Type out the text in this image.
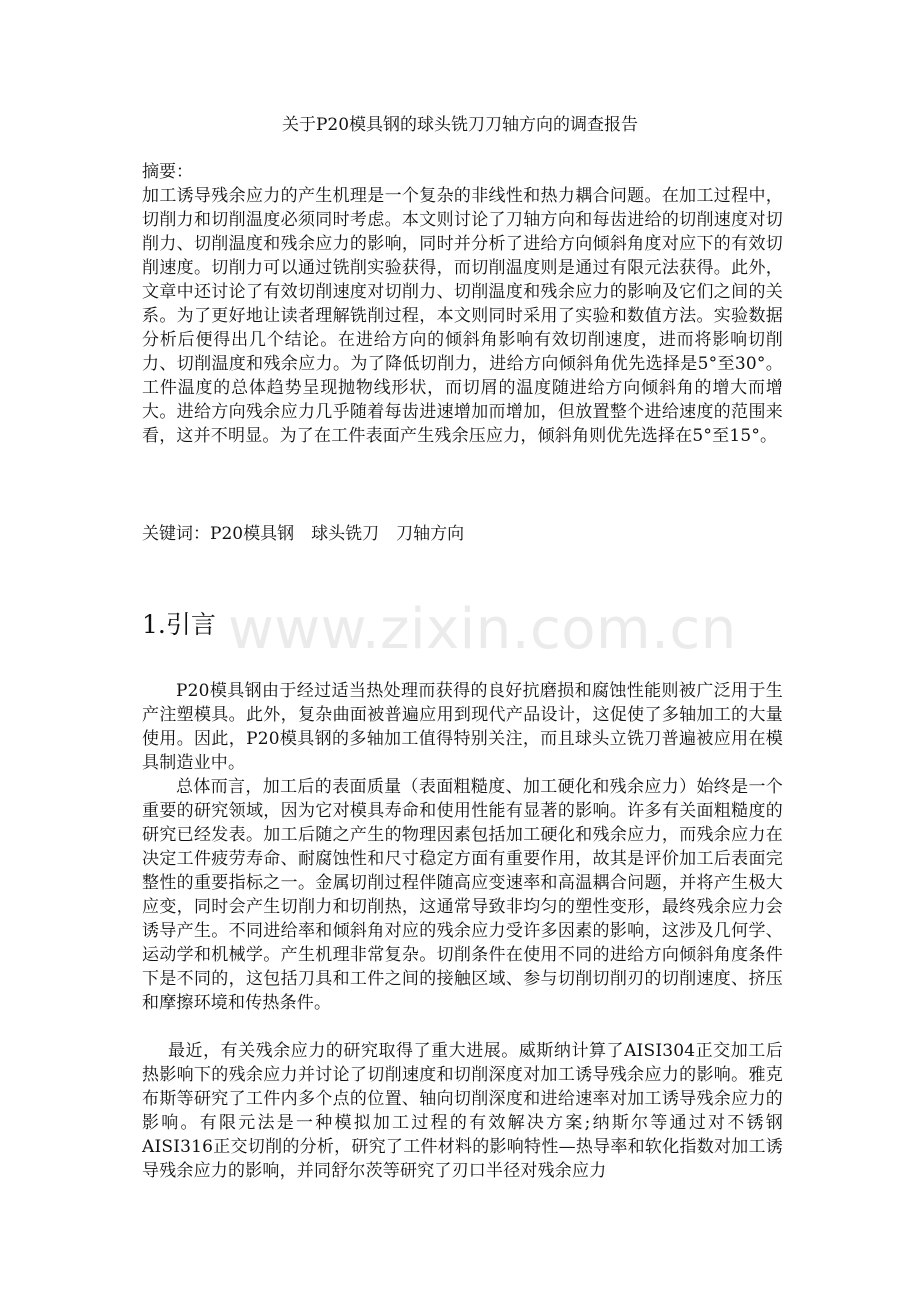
www.zixin.com.cn
关于P20模具钢的球头铣刀刀轴方向的调查报告
摘要：
加工诱导残余应力的产生机理是一个复杂的非线性和热力耦合问题。在加工过程中，切削力和切削温度必须同时考虑。本文则讨论了刀轴方向和每齿进给的切削速度对切削力、切削温度和残余应力的影响，同时并分析了进给方向倾斜角度对应下的有效切削速度。切削力可以通过铣削实验获得，而切削温度则是通过有限元法获得。此外，文章中还讨论了有效切削速度对切削力、切削温度和残余应力的影响及它们之间的关系。为了更好地让读者理解铣削过程，本文则同时采用了实验和数值方法。实验数据分析后便得出几个结论。在进给方向的倾斜角影响有效切削速度，进而将影响切削力、切削温度和残余应力。为了降低切削力，进给方向倾斜角优先选择是5°至30°。工件温度的总体趋势呈现抛物线形状，而切屑的温度随进给方向倾斜角的增大而增大。进给方向残余应力几乎随着每齿进速增加而增加，但放置整个进给速度的范围来看，这并不明显。为了在工件表面产生残余压应力，倾斜角则优先选择在5°至15°。
关键词：P20模具钢　球头铣刀　刀轴方向
1.引言
P20模具钢由于经过适当热处理而获得的良好抗磨损和腐蚀性能则被广泛用于生产注塑模具。此外，复杂曲面被普遍应用到现代产品设计，这促使了多轴加工的大量使用。因此，P20模具钢的多轴加工值得特别关注，而且球头立铣刀普遍被应用在模具制造业中。
总体而言，加工后的表面质量（表面粗糙度、加工硬化和残余应力）始终是一个重要的研究领域，因为它对模具寿命和使用性能有显著的影响。许多有关面粗糙度的研究已经发表。加工后随之产生的物理因素包括加工硬化和残余应力，而残余应力在决定工件疲劳寿命、耐腐蚀性和尺寸稳定方面有重要作用，故其是评价加工后表面完整性的重要指标之一。金属切削过程伴随高应变速率和高温耦合问题，并将产生极大应变，同时会产生切削力和切削热，这通常导致非均匀的塑性变形，最终残余应力会诱导产生。不同进给率和倾斜角对应的残余应力受许多因素的影响，这涉及几何学、运动学和机械学。产生机理非常复杂。切削条件在使用不同的进给方向倾斜角度条件下是不同的，这包括刀具和工件之间的接触区域、参与切削切削刃的切削速度、挤压和摩擦环境和传热条件。
最近，有关残余应力的研究取得了重大进展。威斯纳计算了AISI304正交加工后热影响下的残余应力并讨论了切削速度和切削深度对加工诱导残余应力的影响。雅克布斯等研究了工件内多个点的位置、轴向切削深度和进给速率对加工诱导残余应力的影响。有限元法是一种模拟加工过程的有效解决方案;纳斯尔等通过对不锈钢AISI316正交切削的分析，研究了工件材料的影响特性—热导率和软化指数对加工诱导残余应力的影响，并同舒尔茨等研究了刃口半径对残余应力
